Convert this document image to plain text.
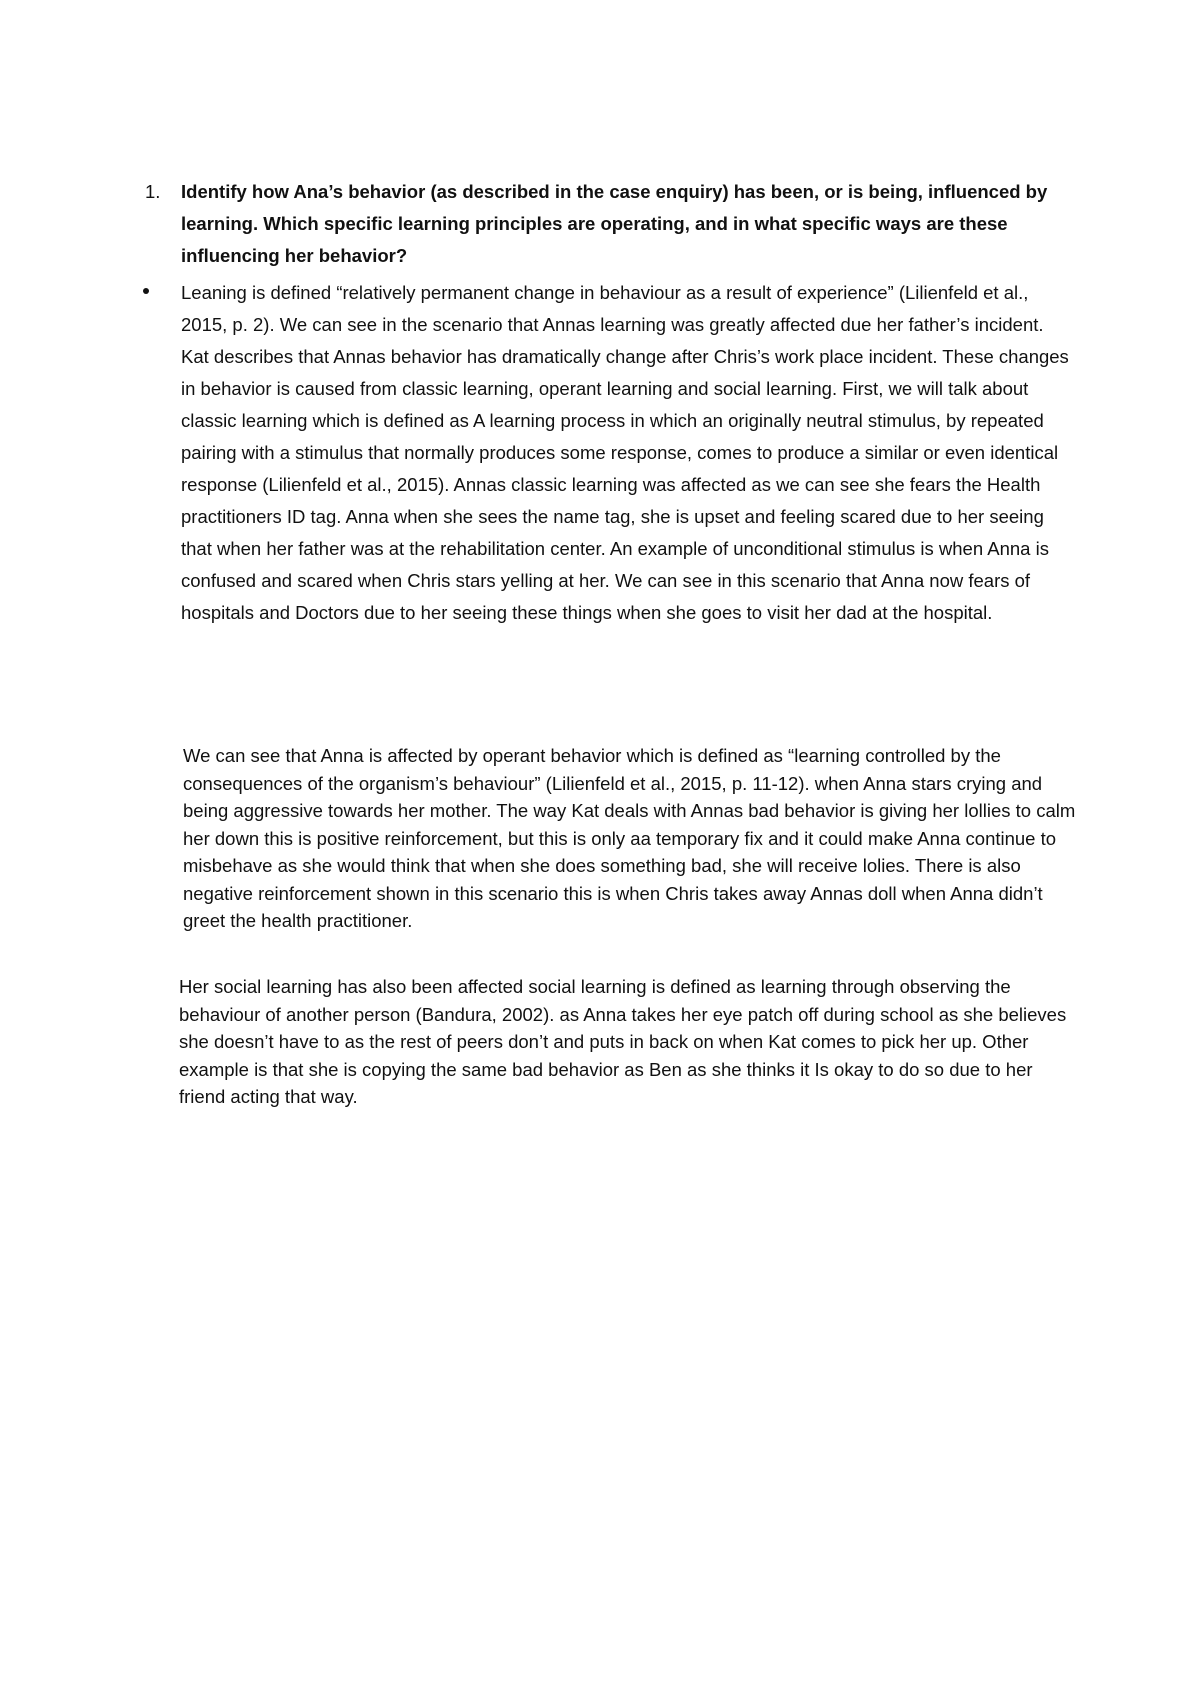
1.	Identify how Ana’s behavior (as described in the case enquiry) has been, or is being, influenced by learning. Which specific learning principles are operating, and in what specific ways are these influencing her behavior?

Leaning is defined “relatively permanent change in behaviour as a result of experience” (Lilienfeld et al., 2015, p. 2). We can see in the scenario that Annas learning was greatly affected due her father’s incident. Kat describes that Annas behavior has dramatically change after Chris’s work place incident. These changes in behavior is caused from classic learning, operant learning and social learning. First, we will talk about classic learning which is defined as A learning process in which an originally neutral stimulus, by repeated pairing with a stimulus that normally produces some response, comes to produce a similar or even identical response (Lilienfeld et al., 2015). Annas classic learning was affected as we can see she fears the Health practitioners ID tag. Anna when she sees the name tag, she is upset and feeling scared due to her seeing that when her father was at the rehabilitation center. An example of unconditional stimulus is when Anna is confused and scared when Chris stars yelling at her. We can see in this scenario that Anna now fears of hospitals and Doctors due to her seeing these things when she goes to visit her dad at the hospital.

We can see that Anna is affected by operant behavior which is defined as “learning controlled by the consequences of the organism’s behaviour” (Lilienfeld et al., 2015, p. 11-12). when Anna stars crying and being aggressive towards her mother. The way Kat deals with Annas bad behavior is giving her lollies to calm her down this is positive reinforcement, but this is only aa temporary fix and it could make Anna continue to misbehave as she would think that when she does something bad, she will receive lolies. There is also negative reinforcement shown in this scenario this is when Chris takes away Annas doll when Anna didn’t greet the health practitioner.

Her social learning has also been affected social learning is defined as learning through observing the behaviour of another person (Bandura, 2002). as Anna takes her eye patch off during school as she believes she doesn’t have to as the rest of peers don’t and puts in back on when Kat comes to pick her up. Other example is that she is copying the same bad behavior as Ben as she thinks it Is okay to do so due to her friend acting that way.
